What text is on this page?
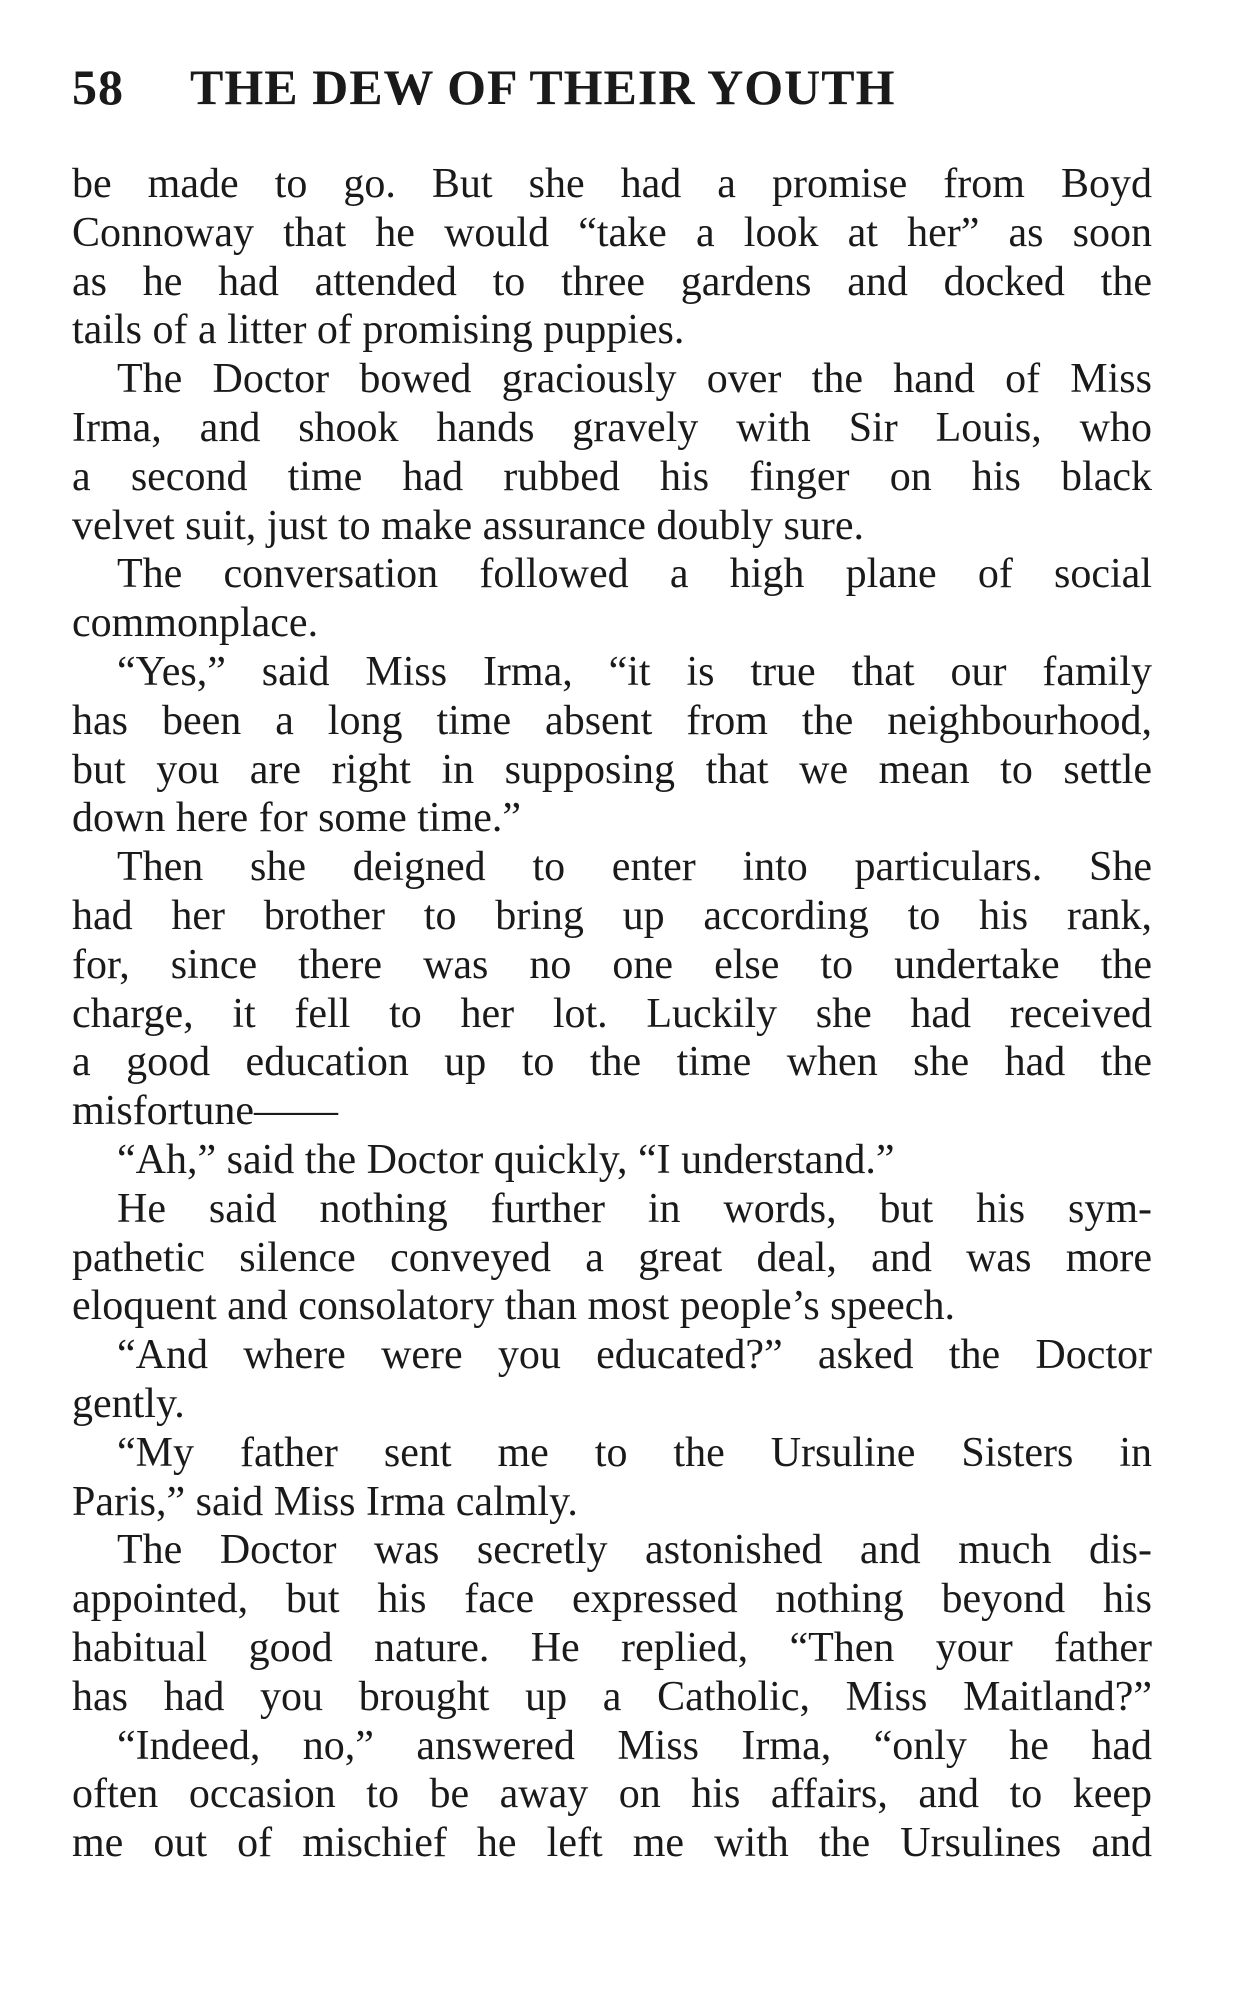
58 THE DEW OF THEIR YOUTH
be made to go. But she had a promise from Boyd
Connoway that he would “take a look at her” as soon
as he had attended to three gardens and docked the
tails of a litter of promising puppies.
The Doctor bowed graciously over the hand of Miss
Irma, and shook hands gravely with Sir Louis, who
a second time had rubbed his finger on his black
velvet suit, just to make assurance doubly sure.
The conversation followed a high plane of social
commonplace.
“Yes,” said Miss Irma, “it is true that our family
has been a long time absent from the neighbourhood,
but you are right in supposing that we mean to settle
down here for some time.”
Then she deigned to enter into particulars. She
had her brother to bring up according to his rank,
for, since there was no one else to undertake the
charge, it fell to her lot. Luckily she had received
a good education up to the time when she had the
misfortune——
“Ah,” said the Doctor quickly, “I understand.”
He said nothing further in words, but his sym-
pathetic silence conveyed a great deal, and was more
eloquent and consolatory than most people’s speech.
“And where were you educated?” asked the Doctor
gently.
“My father sent me to the Ursuline Sisters in
Paris,” said Miss Irma calmly.
The Doctor was secretly astonished and much dis-
appointed, but his face expressed nothing beyond his
habitual good nature. He replied, “Then your father
has had you brought up a Catholic, Miss Maitland?”
“Indeed, no,” answered Miss Irma, “only he had
often occasion to be away on his affairs, and to keep
me out of mischief he left me with the Ursulines and
